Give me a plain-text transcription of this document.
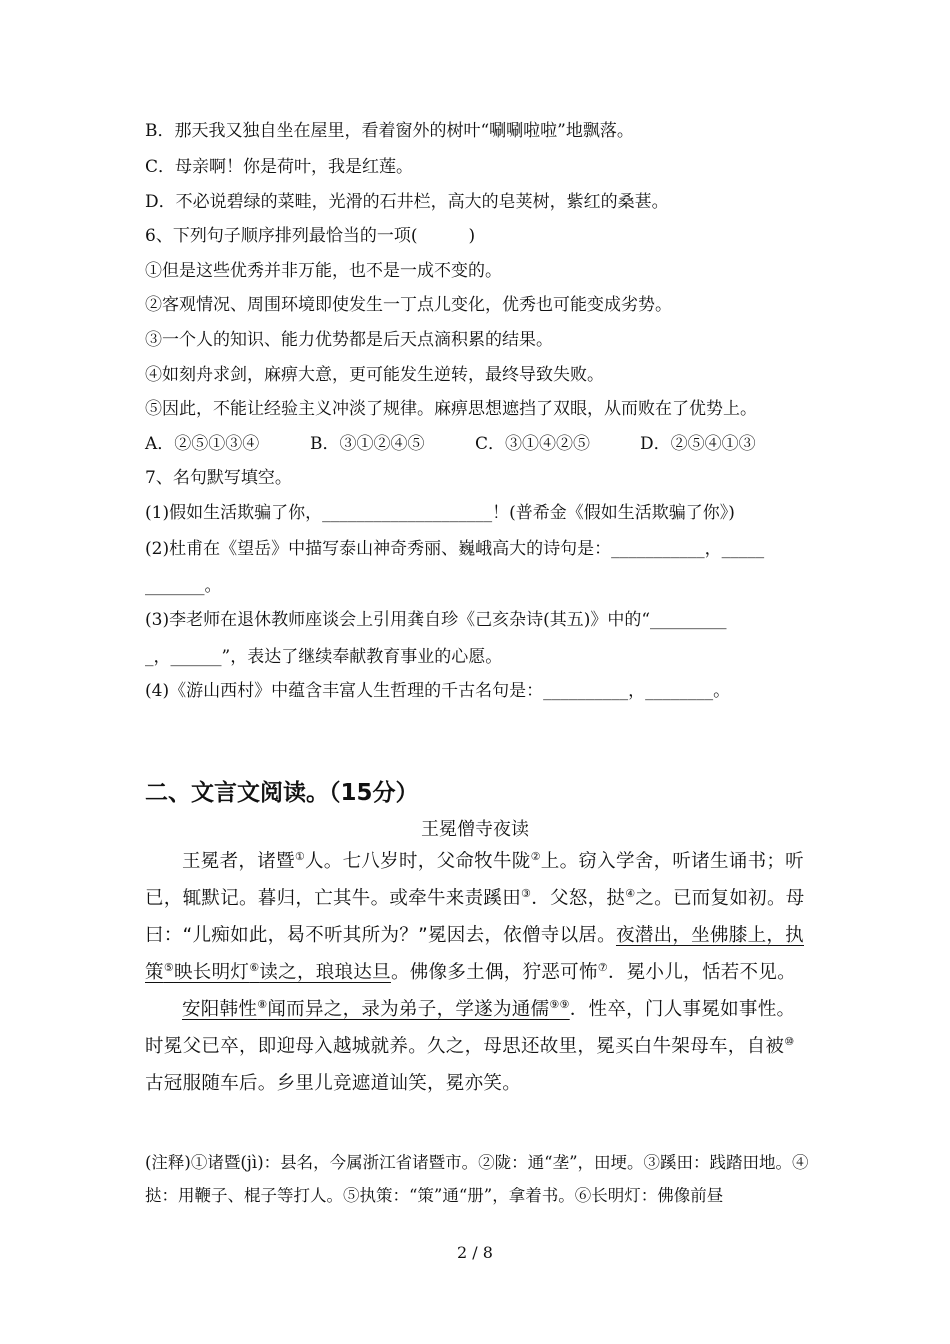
B．那天我又独自坐在屋里，看着窗外的树叶“唰唰啦啦”地飘落。
C．母亲啊！你是荷叶，我是红莲。
D．不必说碧绿的菜畦，光滑的石井栏，高大的皂荚树，紫红的桑葚。
6、下列句子顺序排列最恰当的一项(　　　)
①但是这些优秀并非万能，也不是一成不变的。
②客观情况、周围环境即使发生一丁点儿变化，优秀也可能变成劣势。
③一个人的知识、能力优势都是后天点滴积累的结果。
④如刻舟求剑，麻痹大意，更可能发生逆转，最终导致失败。
⑤因此，不能让经验主义冲淡了规律。麻痹思想遮挡了双眼，从而败在了优势上。
A．②⑤①③④	B．③①②④⑤	C．③①④②⑤	D．②⑤④①③
7、名句默写填空。
(1)假如生活欺骗了你，____________________！(普希金《假如生活欺骗了你》)
(2)杜甫在《望岳》中描写泰山神奇秀丽、巍峨高大的诗句是：___________，_____
_______。
(3)李老师在退休教师座谈会上引用龚自珍《己亥杂诗(其五)》中的“_________
_，______”，表达了继续奉献教育事业的心愿。
(4)《游山西村》中蕴含丰富人生哲理的千古名句是：__________，________。
二、文言文阅读。（15分）
王冕僧寺夜读

王冕者，诸暨①人。七八岁时，父命牧牛陇②上。窃入学舍，听诸生诵书；听已，辄默记。暮归，亡其牛。或牵牛来责蹊田③．父怒，挞④之。已而复如初。母曰：“儿痴如此，曷不听其所为？”冕因去，依僧寺以居。夜潜出，坐佛膝上，执策⑤映长明灯⑥读之，琅琅达旦。佛像多土偶，狞恶可怖⑦．冕小儿，恬若不见。

安阳韩性⑧闻而异之，录为弟子，学遂为通儒⑨⑨．性卒，门人事冕如事性。时冕父已卒，即迎母入越城就养。久之，母思还故里，冕买白牛架母车，自被⑩古冠服随车后。乡里儿竞遮道讪笑，冕亦笑。

(注释)①诸暨(jì)：县名，今属浙江省诸暨市。②陇：通“垄”，田埂。③蹊田：践踏田地。④挞：用鞭子、棍子等打人。⑤执策：“策”通“册”，拿着书。⑥长明灯：佛像前昼
2 / 8
